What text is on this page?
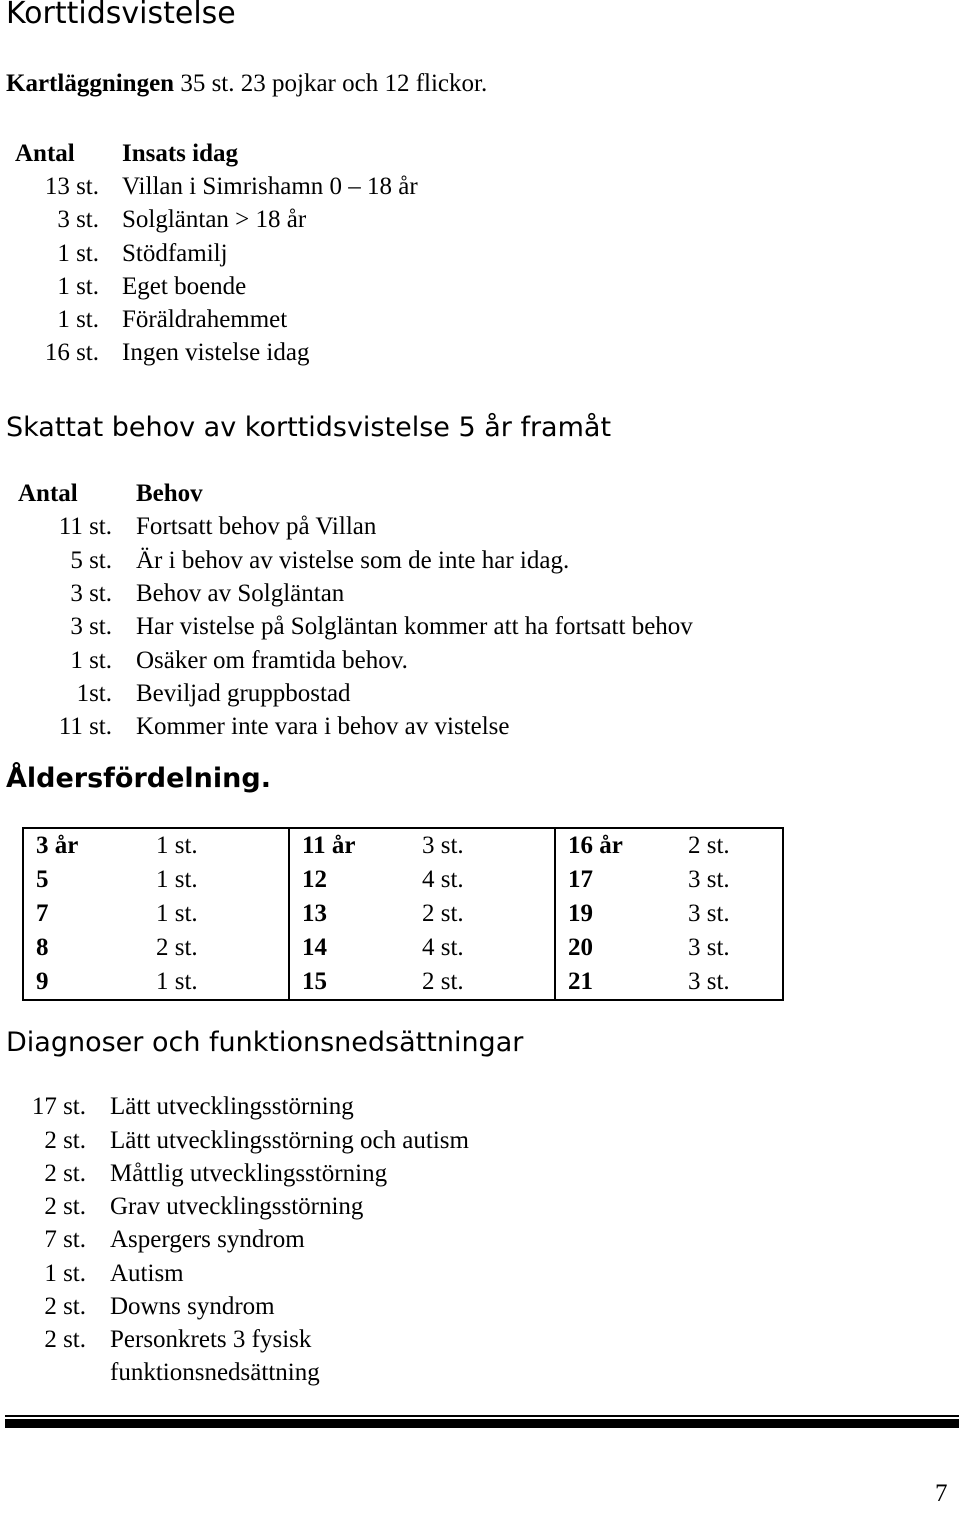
Korttidsvistelse
Kartläggningen 35 st. 23 pojkar och 12 flickor.
Antal Insats idag
13 st. Villan i Simrishamn 0 – 18 år
3 st. Solgläntan > 18 år
1 st. Stödfamilj
1 st. Eget boende
1 st. Föräldrahemmet
16 st. Ingen vistelse idag
Skattat behov av korttidsvistelse 5 år framåt
Antal Behov
11 st. Fortsatt behov på Villan
5 st. Är i behov av vistelse som de inte har idag.
3 st. Behov av Solgläntan
3 st. Har vistelse på Solgläntan kommer att ha fortsatt behov
1 st. Osäker om framtida behov.
1st. Beviljad gruppbostad
11 st. Kommer inte vara i behov av vistelse
Åldersfördelning.
3 år	1 st.	11 år	3 st.	16 år	2 st.
5	1 st.	12	4 st.	17	3 st.
7	1 st.	13	2 st.	19	3 st.
8	2 st.	14	4 st.	20	3 st.
9	1 st.	15	2 st.	21	3 st.
Diagnoser och funktionsnedsättningar
17 st. Lätt utvecklingsstörning
2 st. Lätt utvecklingsstörning och autism
2 st. Måttlig utvecklingsstörning
2 st. Grav utvecklingsstörning
7 st. Aspergers syndrom
1 st. Autism
2 st. Downs syndrom
2 st. Personkrets 3 fysisk
funktionsnedsättning
7
